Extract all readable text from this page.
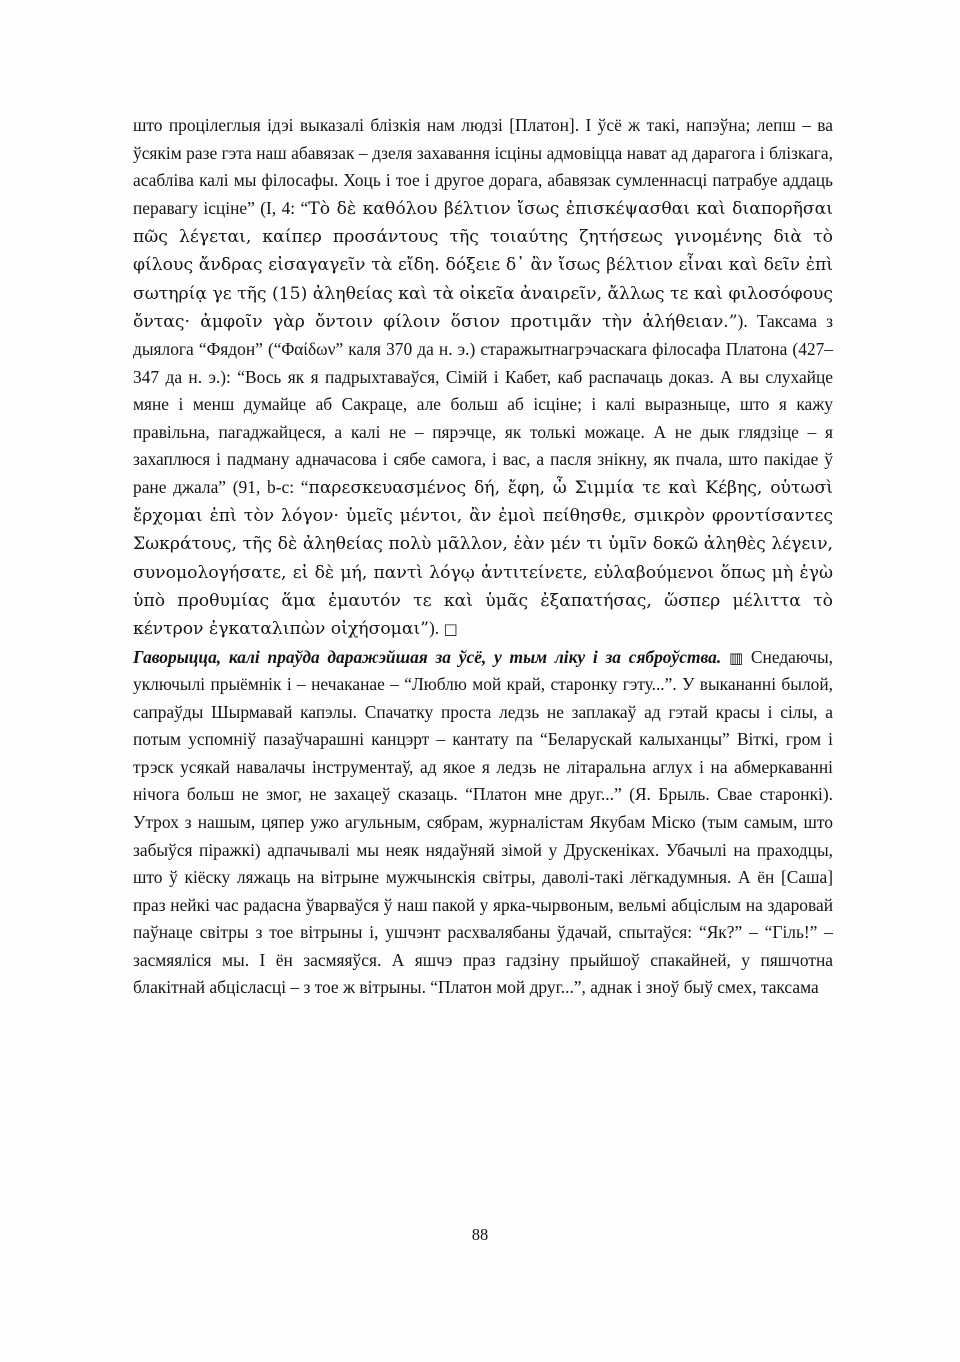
што процілеглыя ідэі выказалі блізкія нам людзі [Платон]. І ўсё ж такі, напэўна; лепш – ва ўсякім разе гэта наш абавязак – дзеля захавання ісціны адмовіцца нават ад дарагога і блізкага, асабліва калі мы філосафы. Хоць і тое і другое дорага, абавязак сумленнасці патрабуе аддаць перавагу ісціне” (І, 4: “Τὸ δὲ καθόλου βέλτιον ἴσως ἐπισκέψασθαι καὶ διαπορῆσαι πῶς λέγεται, καίπερ προσάντους τῆς τοιαύτης ζητήσεως γινομένης διὰ τὸ φίλους ἄνδρας εἰσαγαγεῖν τὰ εἴδη. δόξειε δ᾽ ἂν ἴσως βέλτιον εἶναι καὶ δεῖν ἐπὶ σωτηρίᾳ γε τῆς (15) ἀληθείας καὶ τὰ οἰκεῖα ἀναιρεῖν, ἄλλως τε καὶ φιλοσόφους ὄντας· ἀμφοῖν γὰρ ὄντοιν φίλοιν ὅσιον προτιμᾶν τὴν ἀλήθειαν.”). Таксама з дыялога “Фядон” (“Φαίδων” каля 370 да н. э.) старажытнагрэчаскага філосафа Платона (427–347 да н. э.): “Вось як я падрыхтаваўся, Сімій і Кабет, каб распачаць доказ. А вы слухайце мяне і менш думайце аб Сакраце, але больш аб ісціне; і калі выразныце, што я кажу правільна, пагаджайцеся, а калі не – пярэчце, як толькі можаце. А не дык глядзіце – я захаплюся і падману адначасова і сябе самога, і вас, а пасля знікну, як пчала, што пакідае ў ране джала” (91, b-c: “παρεσκευασμένος δή, ἔφη, ὦ Σιμμία τε καὶ Κέβης, οὑτωσὶ ἔρχομαι ἐπὶ τὸν λόγον· ὑμεῖς μέντοι, ἂν ἐμοὶ πείθησθε, σμικρὸν φροντίσαντες Σωκράτους, τῆς δὲ ἀληθείας πολὺ μᾶλλον, ἐὰν μέν τι ὑμῖν δοκῶ ἀληθὲς λέγειν, συνομολογήσατε, εἰ δὲ μή, παντὶ λόγῳ ἀντιτείνετε, εὐλαβούμενοι ὅπως μὴ ἐγὼ ὑπὸ προθυμίας ἅμα ἐμαυτόν τε καὶ ὑμᾶς ἐξαπατήσας, ὥσπερ μέλιττα τὸ κέντρον ἐγκαταλιπὼν οἰχήσομαι”). □
Гаворыцца, калі праўда даражэйшая за ўсё, у тым ліку і за сяброўства. ▥ Снедаючы, уключылі прыёмнік і – нечаканае – “Люблю мой край, старонку гэту...”. У выкананні былой, сапраўды Шырмавай капэлы. Спачатку проста ледзь не заплакаў ад гэтай красы і сілы, а потым успомніў пазаўчарашні канцэрт – кантату па “Беларускай калыханцы” Віткі, гром і трэск усякай навалачы інструментаў, ад якое я ледзь не літаральна аглух і на абмеркаванні нічога больш не змог, не захацеў сказаць. “Платон мне друг...” (Я. Брыль. Свае старонкі). Утрох з нашым, цяпер ужо агульным, сябрам, журналістам Якубам Міско (тым самым, што забыўся піражкі) адпачывалі мы неяк нядаўняй зімой у Друскеніках. Убачылі на праходцы, што ў кіёску ляжаць на вітрыне мужчынскія світры, даволі-такі лёгкадумныя. А ён [Саша] праз нейкі час радасна ўварваўся ў наш пакой у ярка-чырвоным, вельмі абціслым на здаровай паўнаце світры з тое вітрыны і, ушчэнт расхвалябаны ўдачай, спытаўся: “Як?” – “Гіль!” – засмяяліся мы. І ён засмяяўся. А яшчэ праз гадзіну прыйшоў спакайней, у пяшчотна блакітнай абцісласці – з тое ж вітрыны. “Платон мой друг...”, аднак і зноў быў смех, таксама

88
